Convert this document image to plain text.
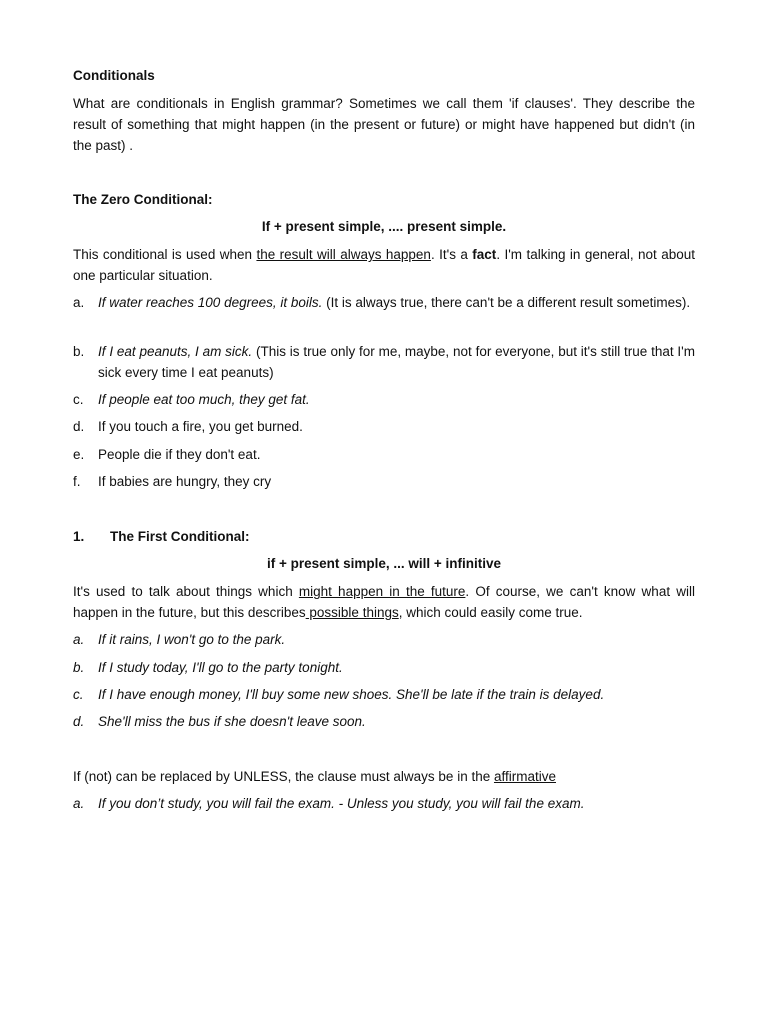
Conditionals
What are conditionals in English grammar? Sometimes we call them 'if clauses'. They describe the result of something that might happen (in the present or future) or might have happened but didn't (in the past) .
The Zero Conditional:
If + present simple, .... present simple.
This conditional is used when the result will always happen. It's a fact. I'm talking in general, not about one particular situation.
a. If water reaches 100 degrees, it boils. (It is always true, there can't be a different result sometimes).
b. If I eat peanuts, I am sick. (This is true only for me, maybe, not for everyone, but it's still true that I'm sick every time I eat peanuts)
c. If people eat too much, they get fat.
d. If you touch a fire, you get burned.
e. People die if they don't eat.
f. If babies are hungry, they cry
1. The First Conditional:
if + present simple, ... will + infinitive
It's used to talk about things which might happen in the future. Of course, we can't know what will happen in the future, but this describes possible things, which could easily come true.
a. If it rains, I won't go to the park.
b. If I study today, I'll go to the party tonight.
c. If I have enough money, I'll buy some new shoes. She'll be late if the train is delayed.
d. She'll miss the bus if she doesn't leave soon.
If (not) can be replaced by UNLESS, the clause must always be in the affirmative
a. If you don’t study, you will fail the exam. - Unless you study, you will fail the exam.
